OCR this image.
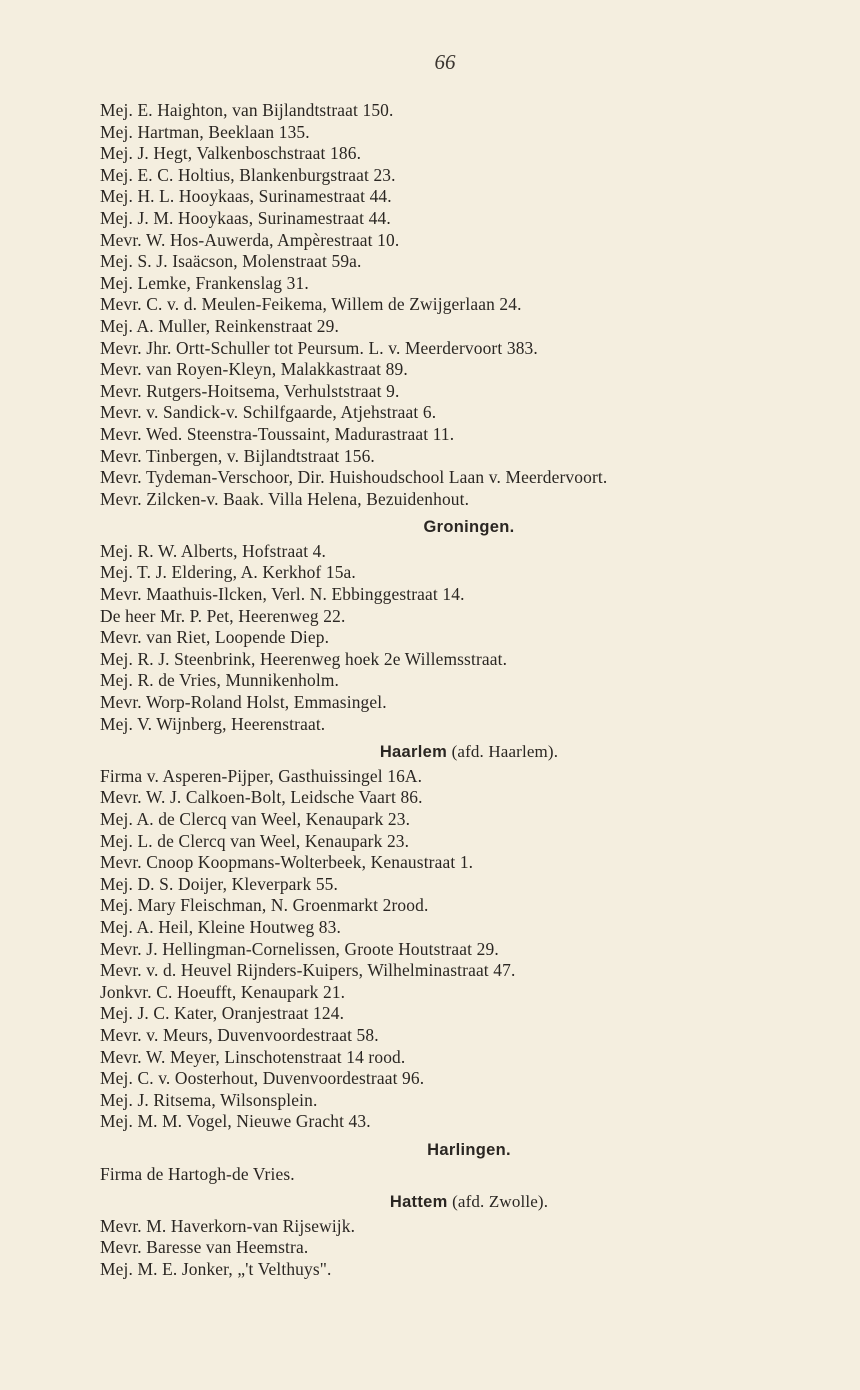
66
Mej. E. Haighton, van Bijlandtstraat 150.
Mej. Hartman, Beeklaan 135.
Mej. J. Hegt, Valkenboschstraat 186.
Mej. E. C. Holtius, Blankenburgstraat 23.
Mej. H. L. Hooykaas, Surinamestraat 44.
Mej. J. M. Hooykaas, Surinamestraat 44.
Mevr. W. Hos-Auwerda, Ampèrestraat 10.
Mej. S. J. Isaäcson, Molenstraat 59a.
Mej. Lemke, Frankenslag 31.
Mevr. C. v. d. Meulen-Feikema, Willem de Zwijgerlaan 24.
Mej. A. Muller, Reinkenstraat 29.
Mevr. Jhr. Ortt-Schuller tot Peursum. L. v. Meerdervoort 383.
Mevr. van Royen-Kleyn, Malakkastraat 89.
Mevr. Rutgers-Hoitsema, Verhulststraat 9.
Mevr. v. Sandick-v. Schilfgaarde, Atjehstraat 6.
Mevr. Wed. Steenstra-Toussaint, Madurastraat 11.
Mevr. Tinbergen, v. Bijlandtstraat 156.
Mevr. Tydeman-Verschoor, Dir. Huishoudschool Laan v. Meerdervoort.
Mevr. Zilcken-v. Baak. Villa Helena, Bezuidenhout.
Groningen.
Mej. R. W. Alberts, Hofstraat 4.
Mej. T. J. Eldering, A. Kerkhof 15a.
Mevr. Maathuis-Ilcken, Verl. N. Ebbinggestraat 14.
De heer Mr. P. Pet, Heerenweg 22.
Mevr. van Riet, Loopende Diep.
Mej. R. J. Steenbrink, Heerenweg hoek 2e Willemsstraat.
Mej. R. de Vries, Munnikenholm.
Mevr. Worp-Roland Holst, Emmasingel.
Mej. V. Wijnberg, Heerenstraat.
Haarlem (afd. Haarlem).
Firma v. Asperen-Pijper, Gasthuissingel 16A.
Mevr. W. J. Calkoen-Bolt, Leidsche Vaart 86.
Mej. A. de Clercq van Weel, Kenaupark 23.
Mej. L. de Clercq van Weel, Kenaupark 23.
Mevr. Cnoop Koopmans-Wolterbeek, Kenaustraat 1.
Mej. D. S. Doijer, Kleverpark 55.
Mej. Mary Fleischman, N. Groenmarkt 2rood.
Mej. A. Heil, Kleine Houtweg 83.
Mevr. J. Hellingman-Cornelissen, Groote Houtstraat 29.
Mevr. v. d. Heuvel Rijnders-Kuipers, Wilhelminastraat 47.
Jonkvr. C. Hoeufft, Kenaupark 21.
Mej. J. C. Kater, Oranjestraat 124.
Mevr. v. Meurs, Duvenvoordestraat 58.
Mevr. W. Meyer, Linschotenstraat 14 rood.
Mej. C. v. Oosterhout, Duvenvoordestraat 96.
Mej. J. Ritsema, Wilsonsplein.
Mej. M. M. Vogel, Nieuwe Gracht 43.
Harlingen.
Firma de Hartogh-de Vries.
Hattem (afd. Zwolle).
Mevr. M. Haverkorn-van Rijsewijk.
Mevr. Baresse van Heemstra.
Mej. M. E. Jonker, „'t Velthuys".
